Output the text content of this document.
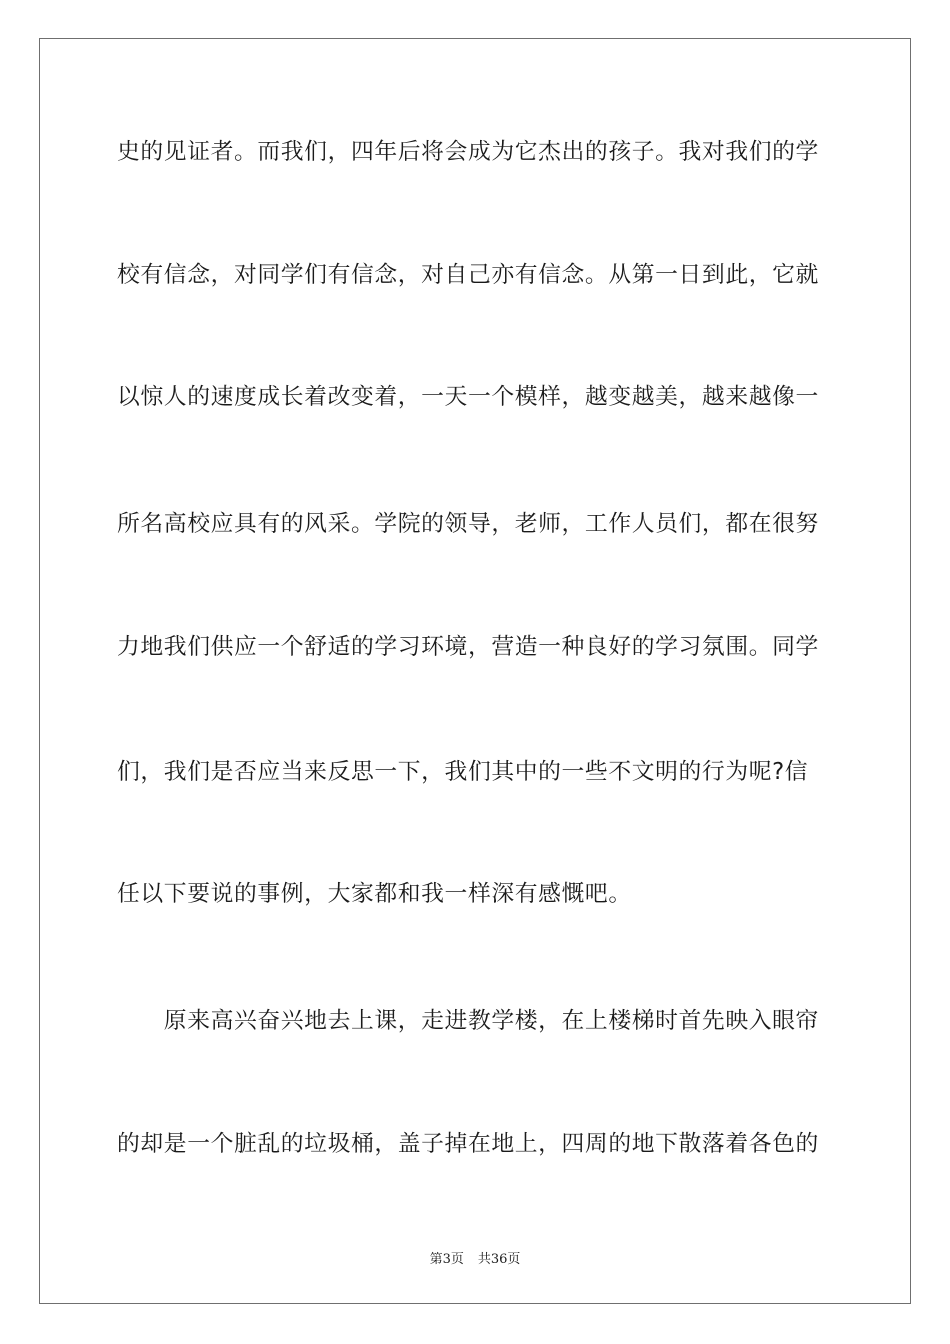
史的见证者。而我们，四年后将会成为它杰出的孩子。我对我们的学
校有信念，对同学们有信念，对自己亦有信念。从第一日到此，它就
以惊人的速度成长着改变着，一天一个模样，越变越美，越来越像一
所名高校应具有的风采。学院的领导，老师，工作人员们，都在很努
力地我们供应一个舒适的学习环境，营造一种良好的学习氛围。同学
们，我们是否应当来反思一下，我们其中的一些不文明的行为呢?信
任以下要说的事例，大家都和我一样深有感慨吧。
　　原来高兴奋兴地去上课，走进教学楼，在上楼梯时首先映入眼帘
的却是一个脏乱的垃圾桶，盖子掉在地上，四周的地下散落着各色的
第3页 共36页
